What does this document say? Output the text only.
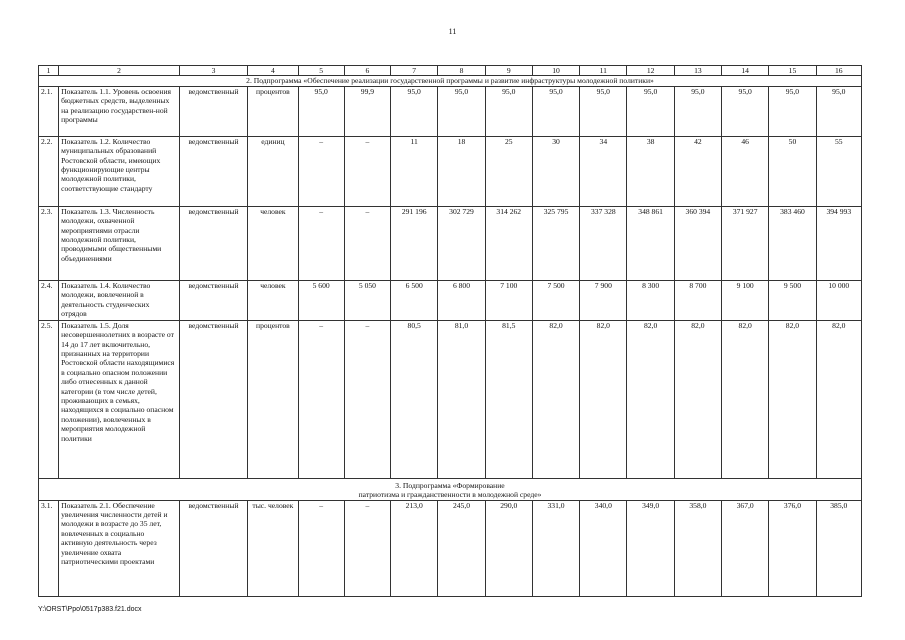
11
1	2	3	4	5	6	7	8	9	10	11	12	13	14	15	16
2. Подпрограмма «Обеспечение реализации государственной программы и развитие инфраструктуры молодежной политики»															
2.1.	Показатель 1.1. Уровень освоения бюджетных средств, выделенных на реализацию государствен-ной программы	ведомственный	процентов	95,0	99,9	95,0	95,0	95,0	95,0	95,0	95,0	95,0	95,0	95,0	95,0
2.2.	Показатель 1.2. Количество муниципальных образований Ростовской области, имеющих функционирующие центры молодежной политики, соответствующие стандарту	ведомственный	единиц	–	–	11	18	25	30	34	38	42	46	50	55
2.3.	Показатель 1.3. Численность молодежи, охваченной мероприятиями отрасли молодежной политики, проводимыми общественными объединениями	ведомственный	человек	–	–	291 196	302 729	314 262	325 795	337 328	348 861	360 394	371 927	383 460	394 993
2.4.	Показатель 1.4. Количество молодежи, вовлеченной в деятельность студенческих отрядов	ведомственный	человек	5 600	5 050	6 500	6 800	7 100	7 500	7 900	8 300	8 700	9 100	9 500	10 000
2.5.	Показатель 1.5. Доля несовершеннолетних в возрасте от 14 до 17 лет включительно, признанных на территории Ростовской области находящимися в социально опасном положении либо отнесенных к данной категории (в том числе детей, проживающих в семьях, находящихся в социально опасном положении), вовлеченных в мероприятия молодежной политики	ведомственный	процентов	–	–	80,5	81,0	81,5	82,0	82,0	82,0	82,0	82,0	82,0	82,0

3. Подпрограмма «Формирование
патриотизма и гражданственности в молодежной среде»															

3.1.	Показатель 2.1. Обеспечение увеличения численности детей и молодежи в возрасте до 35 лет, вовлеченных в социально активную деятельность через увеличение охвата патриотическими проектами	ведомственный	тыс. человек	–	–	213,0	245,0	290,0	331,0	340,0	349,0	358,0	367,0	376,0	385,0
Y:\ORST\Ppo\0517p383.f21.docx
